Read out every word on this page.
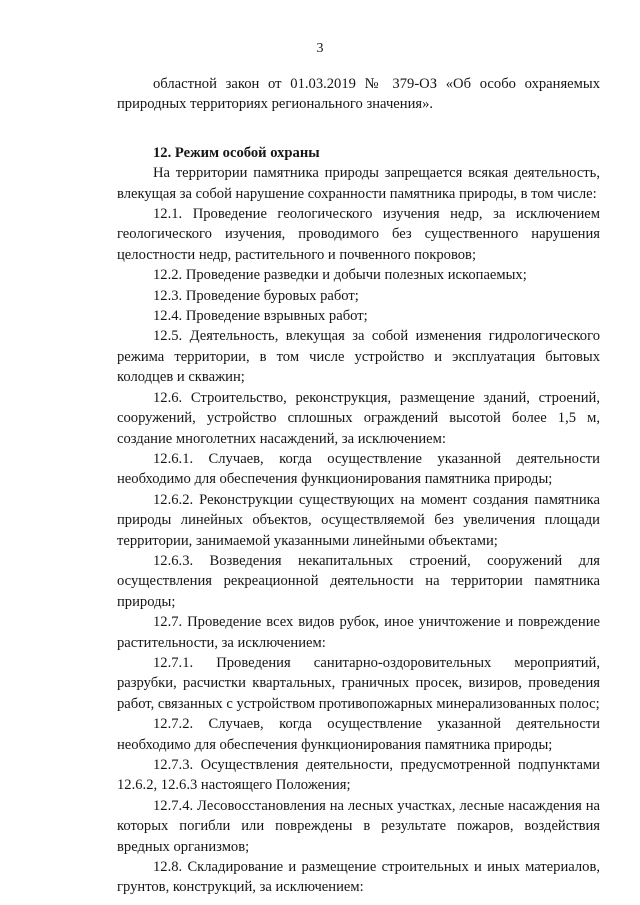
3

областной закон от 01.03.2019 № 379-ОЗ «Об особо охраняемых природных территориях регионального значения».

12. Режим особой охраны

На территории памятника природы запрещается всякая деятельность, влекущая за собой нарушение сохранности памятника природы, в том числе:

12.1. Проведение геологического изучения недр, за исключением геологического изучения, проводимого без существенного нарушения целостности недр, растительного и почвенного покровов;

12.2. Проведение разведки и добычи полезных ископаемых;

12.3. Проведение буровых работ;

12.4. Проведение взрывных работ;

12.5. Деятельность, влекущая за собой изменения гидрологического режима территории, в том числе устройство и эксплуатация бытовых колодцев и скважин;

12.6. Строительство, реконструкция, размещение зданий, строений, сооружений, устройство сплошных ограждений высотой более 1,5 м, создание многолетних насаждений, за исключением:

12.6.1. Случаев, когда осуществление указанной деятельности необходимо для обеспечения функционирования памятника природы;

12.6.2. Реконструкции существующих на момент создания памятника природы линейных объектов, осуществляемой без увеличения площади территории, занимаемой указанными линейными объектами;

12.6.3. Возведения некапитальных строений, сооружений для осуществления рекреационной деятельности на территории памятника природы;

12.7. Проведение всех видов рубок, иное уничтожение и повреждение растительности, за исключением:

12.7.1. Проведения санитарно-оздоровительных мероприятий, разрубки, расчистки квартальных, граничных просек, визиров, проведения работ, связанных с устройством противопожарных минерализованных полос;

12.7.2. Случаев, когда осуществление указанной деятельности необходимо для обеспечения функционирования памятника природы;

12.7.3. Осуществления деятельности, предусмотренной подпунктами 12.6.2, 12.6.3 настоящего Положения;

12.7.4. Лесовосстановления на лесных участках, лесные насаждения на которых погибли или повреждены в результате пожаров, воздействия вредных организмов;

12.8. Складирование и размещение строительных и иных материалов, грунтов, конструкций, за исключением:
